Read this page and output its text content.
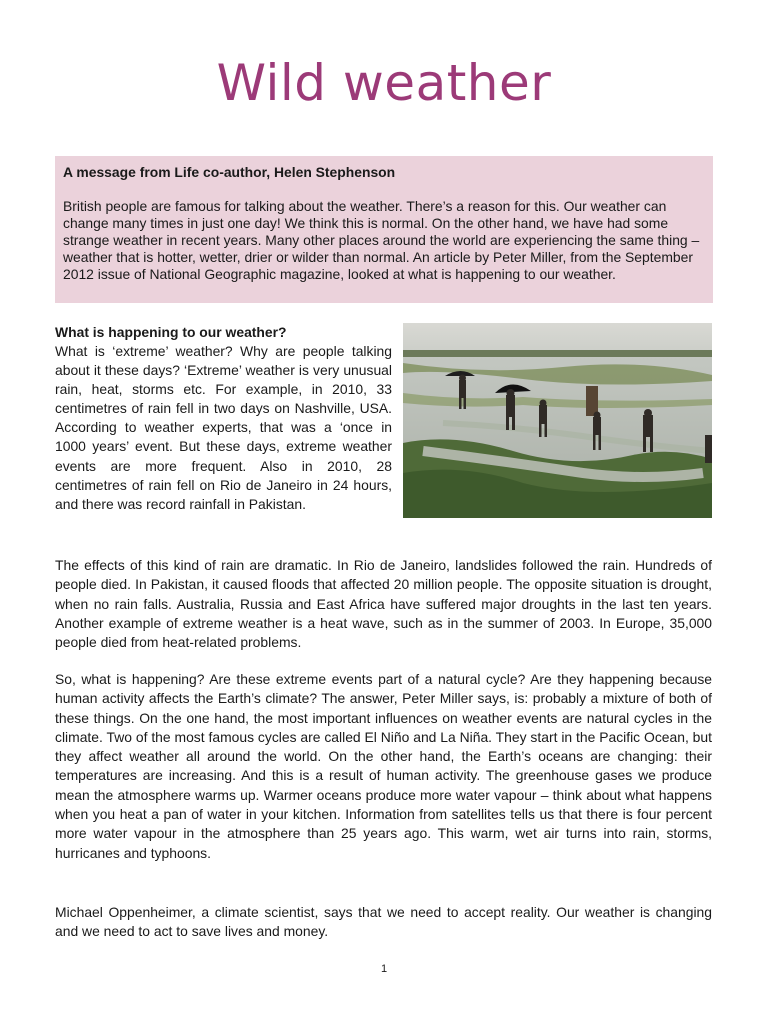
Wild weather

A message from Life co-author, Helen Stephenson

British people are famous for talking about the weather. There’s a reason for this. Our weather can change many times in just one day! We think this is normal. On the other hand, we have had some strange weather in recent years. Many other places around the world are experiencing the same thing – weather that is hotter, wetter, drier or wilder than normal. An article by Peter Miller, from the September 2012 issue of National Geographic magazine, looked at what is happening to our weather.

What is happening to our weather?
What is ‘extreme’ weather? Why are people talking about it these days? ‘Extreme’ weather is very unusual rain, heat, storms etc. For example, in 2010, 33 centimetres of rain fell in two days on Nashville, USA. According to weather experts, that was a ‘once in 1000 years’ event. But these days, extreme weather events are more frequent. Also in 2010, 28 centimetres of rain fell on Rio de Janeiro in 24 hours, and there was record rainfall in Pakistan.
The effects of this kind of rain are dramatic. In Rio de Janeiro, landslides followed the rain. Hundreds of people died. In Pakistan, it caused floods that affected 20 million people. The opposite situation is drought, when no rain falls. Australia, Russia and East Africa have suffered major droughts in the last ten years. Another example of extreme weather is a heat wave, such as in the summer of 2003. In Europe, 35,000 people died from heat-related problems.
So, what is happening? Are these extreme events part of a natural cycle? Are they happening because human activity affects the Earth’s climate? The answer, Peter Miller says, is: probably a mixture of both of these things. On the one hand, the most important influences on weather events are natural cycles in the climate. Two of the most famous cycles are called El Niño and La Niña. They start in the Pacific Ocean, but they affect weather all around the world. On the other hand, the Earth’s oceans are changing: their temperatures are increasing. And this is a result of human activity. The greenhouse gases we produce mean the atmosphere warms up. Warmer oceans produce more water vapour – think about what happens when you heat a pan of water in your kitchen. Information from satellites tells us that there is four percent more water vapour in the atmosphere than 25 years ago. This warm, wet air turns into rain, storms, hurricanes and typhoons.
Michael Oppenheimer, a climate scientist, says that we need to accept reality. Our weather is changing and we need to act to save lives and money.
1
